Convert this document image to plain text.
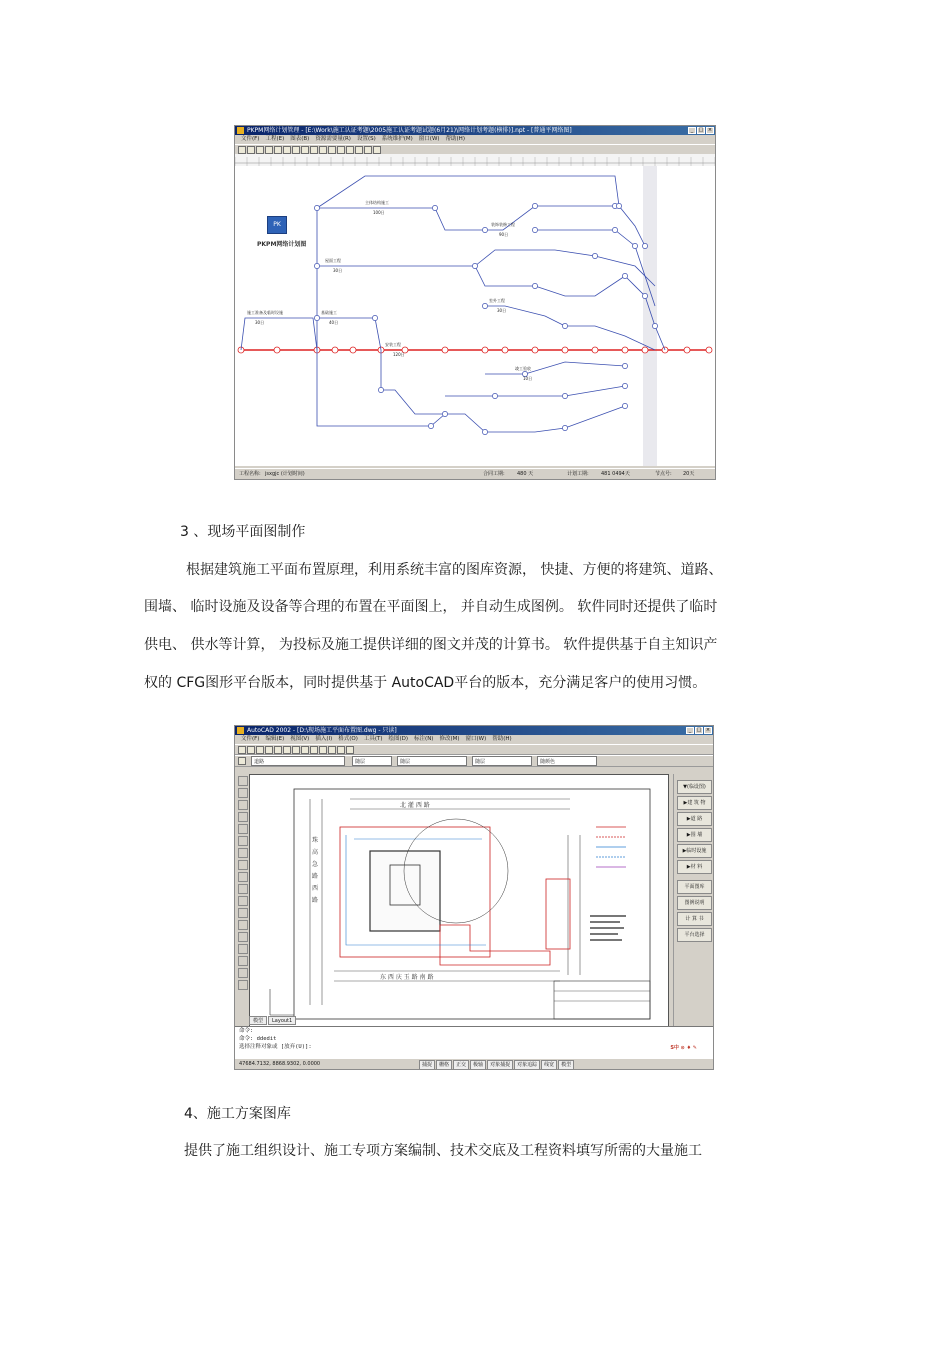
PKPM网络计划管理 - [E:\Work\施工认证考题\2005施工认证考题试题(6月21)\网络计划考题(横排)].npt - [普通平网络图]	_	□ ×
文件(F) 工程(E) 图表(B) 资源需要量(R) 设置(S) 系统维护(M) 窗口(W) 帮助(H)
施工准备及临时设施
30日
基础施工
40日
主体结构施工
100日
屋面工程
30日
安装工程
120日
装饰装修工程
90日
室外工程
30日
竣工验收
10日
PK
PKPM网络计划图
工程名称: jsxgjc (计划时间)	合同工期: 480 天	计划工期: 481 0494天	节点号: 20天
3 、现场平面图制作
根据建筑施工平面布置原理，利用系统丰富的图库资源， 快捷、方便的将建筑、道路、
围墙、 临时设施及设备等合理的布置在平面图上， 并自动生成图例。 软件同时还提供了临时
供电、 供水等计算， 为投标及施工提供详细的图文并茂的计算书。 软件提供基于自主知识产
权的 CFG图形平台版本，同时提供基于 AutoCAD平台的版本，充分满足客户的使用习惯。
AutoCAD 2002 - [D:\现场施工平面布置图.dwg - 只读]	_	□ ×
文件(F) 编辑(E) 视图(V) 插入(I) 格式(O) 工具(T) 绘图(D) 标注(N) 修改(M) 窗口(W) 帮助(H)
道路	随层	随层	随层	随颜色
珠 高 急 路 西 路
北 灌 西 路
东 西 庆 玉 路 南 路
模型	Layout1
▼(临设图)
▶建 筑 物
▶道 路
▶围 墙
▶临时设施
▶材 料
平面图库
图例说明
计 算 书
平台选择
命令:
命令: ddedit
选择注释对象或 [放弃(U)]:	S中 ⊙ ♦ ✎
47684.7132, 8868.9302, 0.0000	捕捉	栅格	正交	极轴	对象捕捉	对象追踪	线宽	模型
4、施工方案图库
提供了施工组织设计、施工专项方案编制、技术交底及工程资料填写所需的大量施工
